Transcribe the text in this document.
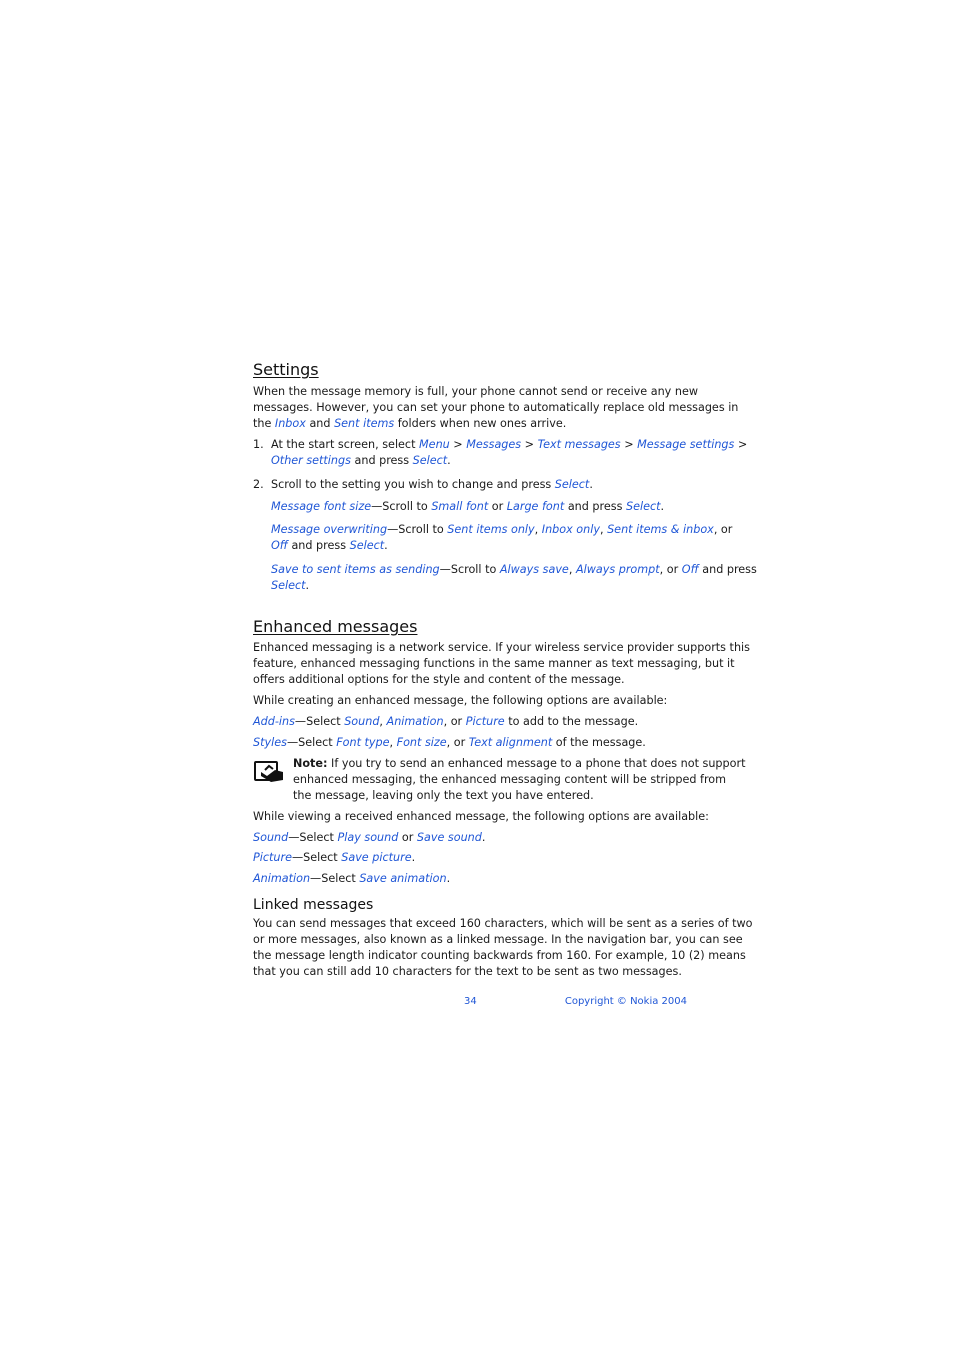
Settings
When the message memory is full, your phone cannot send or receive any new
messages. However, you can set your phone to automatically replace old messages in
the Inbox and Sent items folders when new ones arrive.
1. At the start screen, select Menu > Messages > Text messages > Message settings >
Other settings and press Select.
2. Scroll to the setting you wish to change and press Select.
Message font size—Scroll to Small font or Large font and press Select.
Message overwriting—Scroll to Sent items only, Inbox only, Sent items & inbox, or
Off and press Select.
Save to sent items as sending—Scroll to Always save, Always prompt, or Off and press
Select.
Enhanced messages
Enhanced messaging is a network service. If your wireless service provider supports this
feature, enhanced messaging functions in the same manner as text messaging, but it
offers additional options for the style and content of the message.
While creating an enhanced message, the following options are available:
Add-ins—Select Sound, Animation, or Picture to add to the message.
Styles—Select Font type, Font size, or Text alignment of the message.
Note: If you try to send an enhanced message to a phone that does not support
enhanced messaging, the enhanced messaging content will be stripped from
the message, leaving only the text you have entered.
While viewing a received enhanced message, the following options are available:
Sound—Select Play sound or Save sound.
Picture—Select Save picture.
Animation—Select Save animation.
Linked messages
You can send messages that exceed 160 characters, which will be sent as a series of two
or more messages, also known as a linked message. In the navigation bar, you can see
the message length indicator counting backwards from 160. For example, 10 (2) means
that you can still add 10 characters for the text to be sent as two messages.
34	Copyright © Nokia 2004
